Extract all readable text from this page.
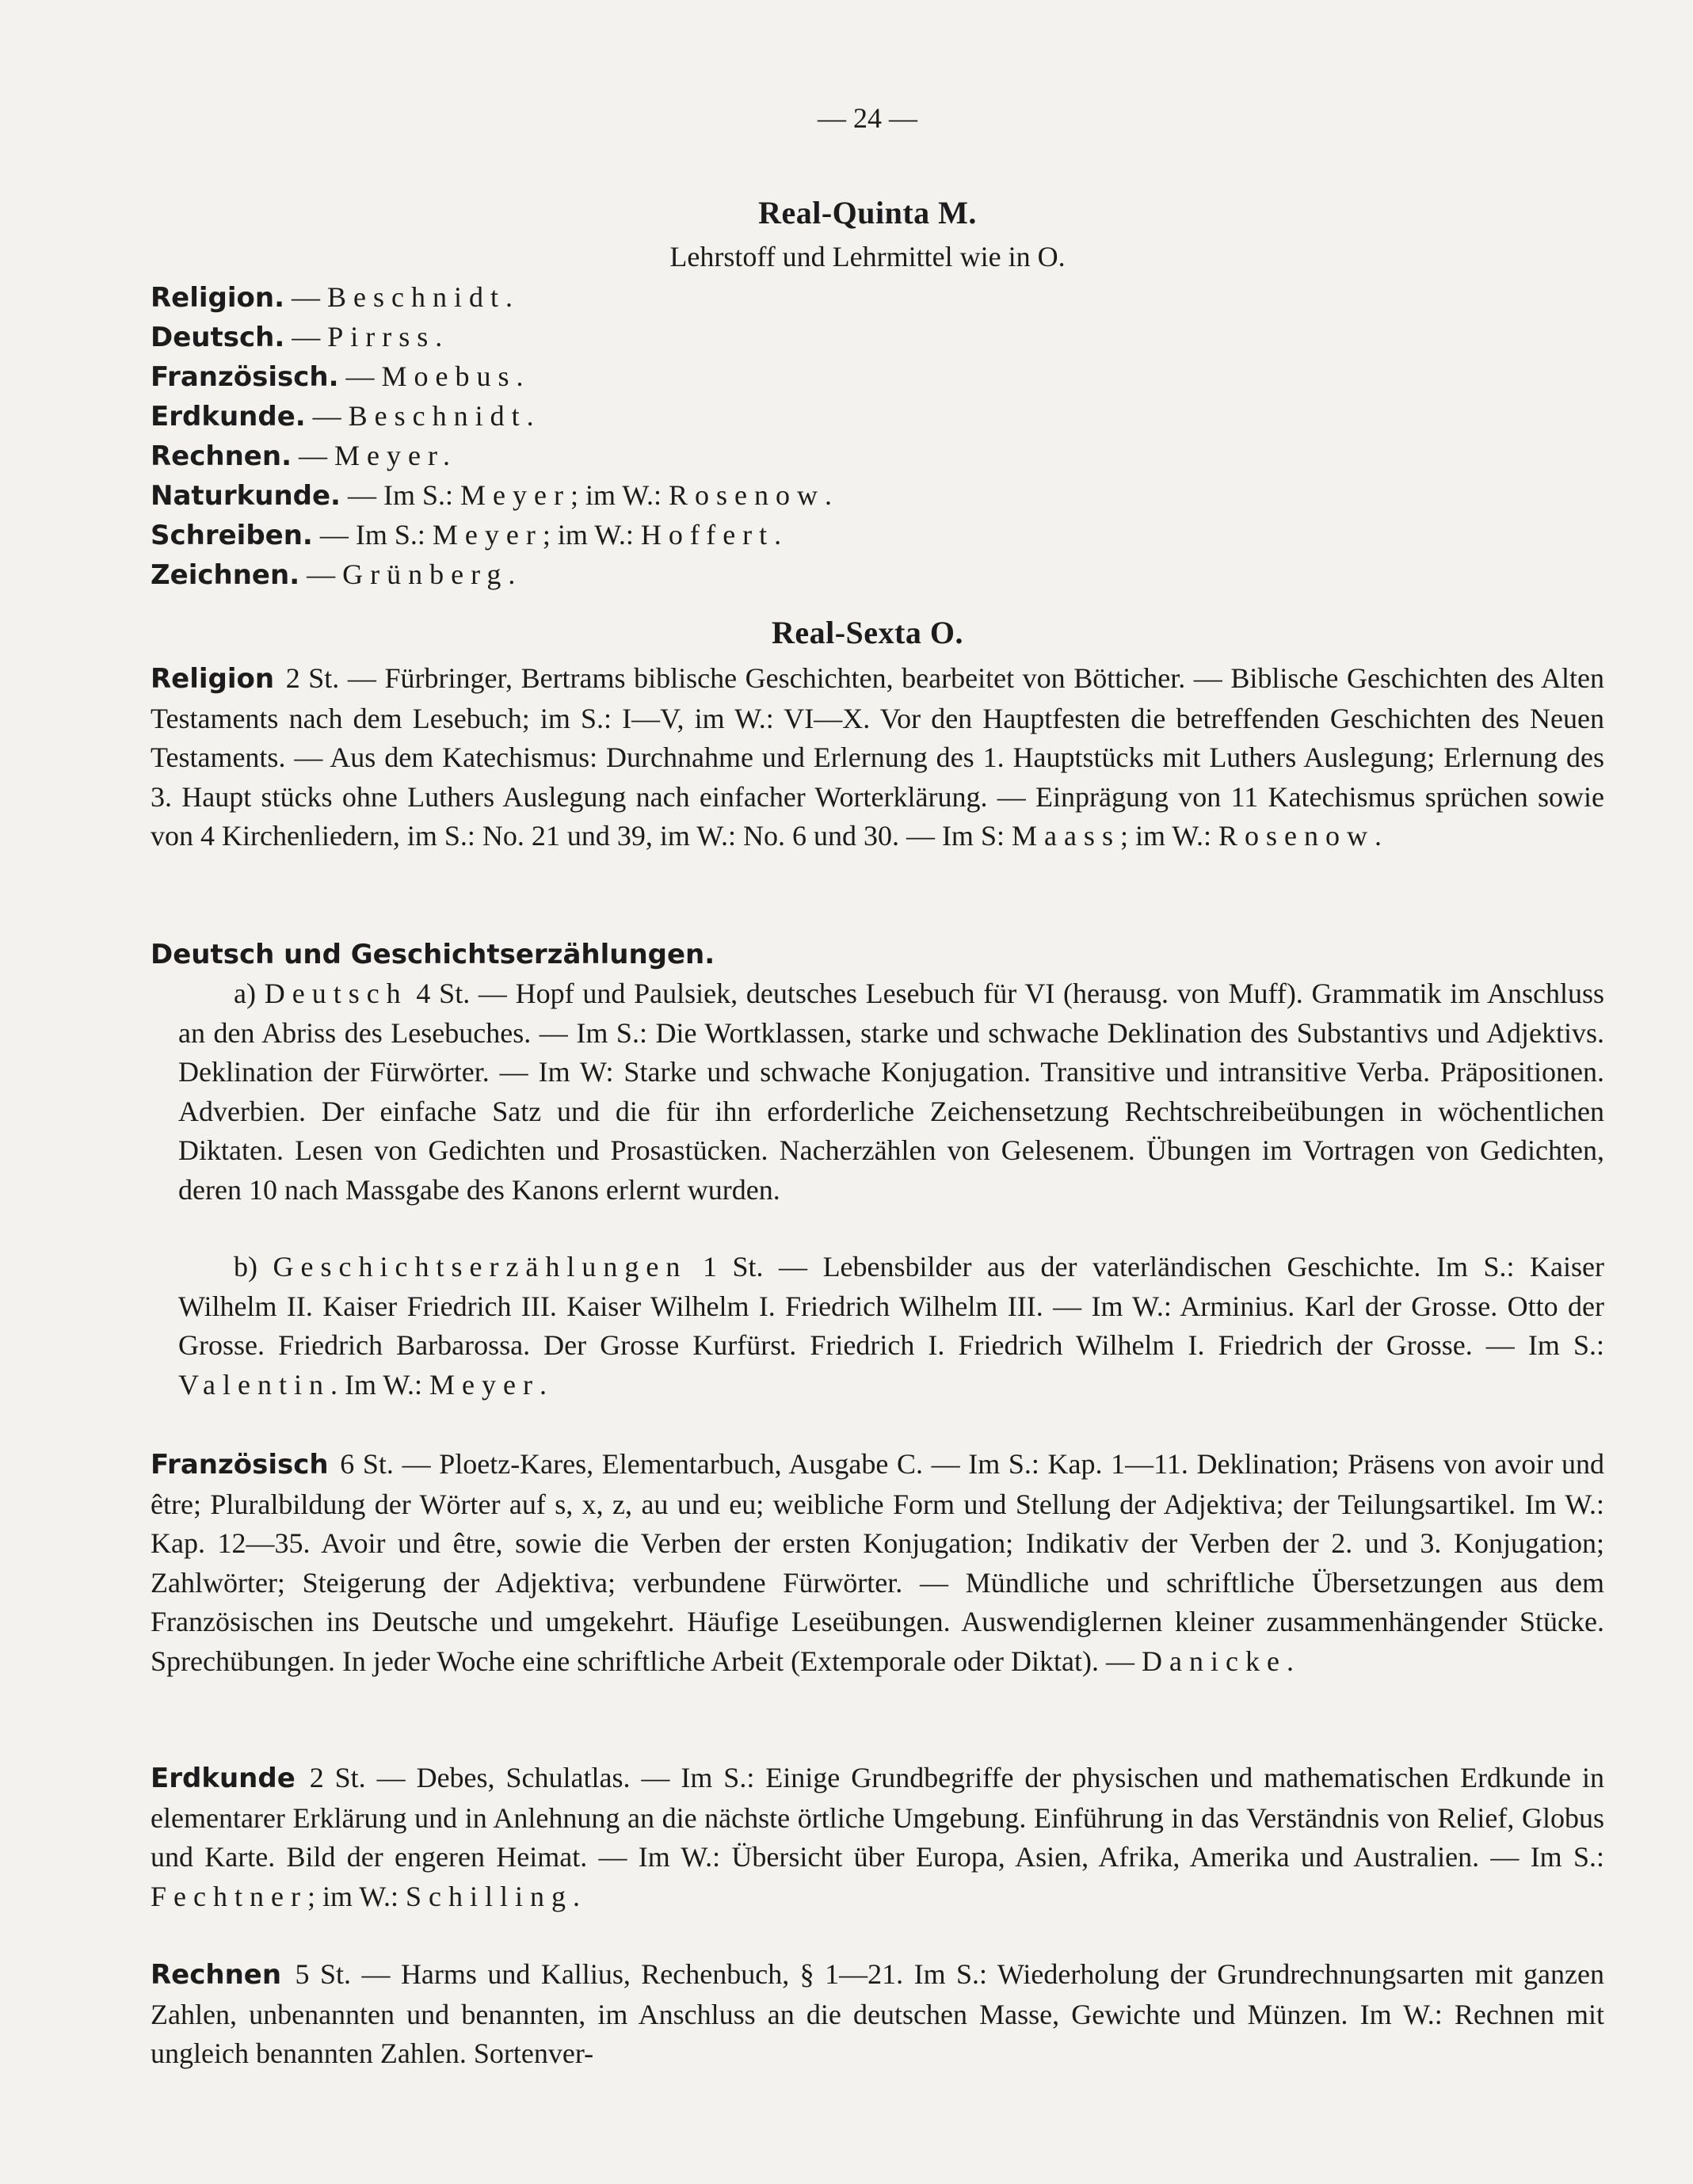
— 24 —
Real-Quinta M.
Lehrstoff und Lehrmittel wie in O.
Religion. — Beschnidt.
Deutsch. — Pirrss.
Französisch. — Moebus.
Erdkunde. — Beschnidt.
Rechnen. — Meyer.
Naturkunde. — Im S.: Meyer; im W.: Rosenow.
Schreiben. — Im S.: Meyer; im W.: Hoffert.
Zeichnen. — Grünberg.
Real-Sexta O.
Religion 2 St. — Fürbringer, Bertrams biblische Geschichten, bearbeitet von Bötticher. — Biblische Geschichten des Alten Testaments nach dem Lesebuch; im S.: I—V, im W.: VI—X. Vor den Hauptfesten die betreffenden Geschichten des Neuen Testaments. — Aus dem Katechismus: Durchnahme und Erlernung des 1. Hauptstücks mit Luthers Auslegung; Erlernung des 3. Haupt stücks ohne Luthers Auslegung nach einfacher Worterklärung. — Einprägung von 11 Katechismus sprüchen sowie von 4 Kirchenliedern, im S.: No. 21 und 39, im W.: No. 6 und 30. — Im S: Maass; im W.: Rosenow.
Deutsch und Geschichtserzählungen.
a) Deutsch 4 St. — Hopf und Paulsiek, deutsches Lesebuch für VI (herausg. von Muff). Grammatik im Anschluss an den Abriss des Lesebuches. — Im S.: Die Wortklassen, starke und schwache Deklination des Substantivs und Adjektivs. Deklination der Fürwörter. — Im W: Starke und schwache Konjugation. Transitive und intransitive Verba. Präpositionen. Adverbien. Der einfache Satz und die für ihn erforderliche Zeichensetzung Rechtschreibeübungen in wöchentlichen Diktaten. Lesen von Gedichten und Prosastücken. Nacherzählen von Gelesenem. Übungen im Vortragen von Gedichten, deren 10 nach Massgabe des Kanons erlernt wurden.
b) Geschichtserzählungen 1 St. — Lebensbilder aus der vaterländischen Geschichte. Im S.: Kaiser Wilhelm II. Kaiser Friedrich III. Kaiser Wilhelm I. Friedrich Wilhelm III. — Im W.: Arminius. Karl der Grosse. Otto der Grosse. Friedrich Barbarossa. Der Grosse Kurfürst. Friedrich I. Friedrich Wilhelm I. Friedrich der Grosse. — Im S.: Valentin. Im W.: Meyer.
Französisch 6 St. — Ploetz-Kares, Elementarbuch, Ausgabe C. — Im S.: Kap. 1—11. Deklination; Präsens von avoir und être; Pluralbildung der Wörter auf s, x, z, au und eu; weibliche Form und Stellung der Adjektiva; der Teilungsartikel. Im W.: Kap. 12—35. Avoir und être, sowie die Verben der ersten Konjugation; Indikativ der Verben der 2. und 3. Konjugation; Zahlwörter; Steigerung der Adjektiva; verbundene Fürwörter. — Mündliche und schriftliche Übersetzungen aus dem Französischen ins Deutsche und umgekehrt. Häufige Leseübungen. Auswendiglernen kleiner zusammenhängender Stücke. Sprechübungen. In jeder Woche eine schriftliche Arbeit (Extemporale oder Diktat). — Danicke.
Erdkunde 2 St. — Debes, Schulatlas. — Im S.: Einige Grundbegriffe der physischen und mathematischen Erdkunde in elementarer Erklärung und in Anlehnung an die nächste örtliche Umgebung. Einführung in das Verständnis von Relief, Globus und Karte. Bild der engeren Heimat. — Im W.: Übersicht über Europa, Asien, Afrika, Amerika und Australien. — Im S.: Fechtner; im W.: Schilling.
Rechnen 5 St. — Harms und Kallius, Rechenbuch, § 1—21. Im S.: Wiederholung der Grundrechnungsarten mit ganzen Zahlen, unbenannten und benannten, im Anschluss an die deutschen Masse, Gewichte und Münzen. Im W.: Rechnen mit ungleich benannten Zahlen. Sortenver-
